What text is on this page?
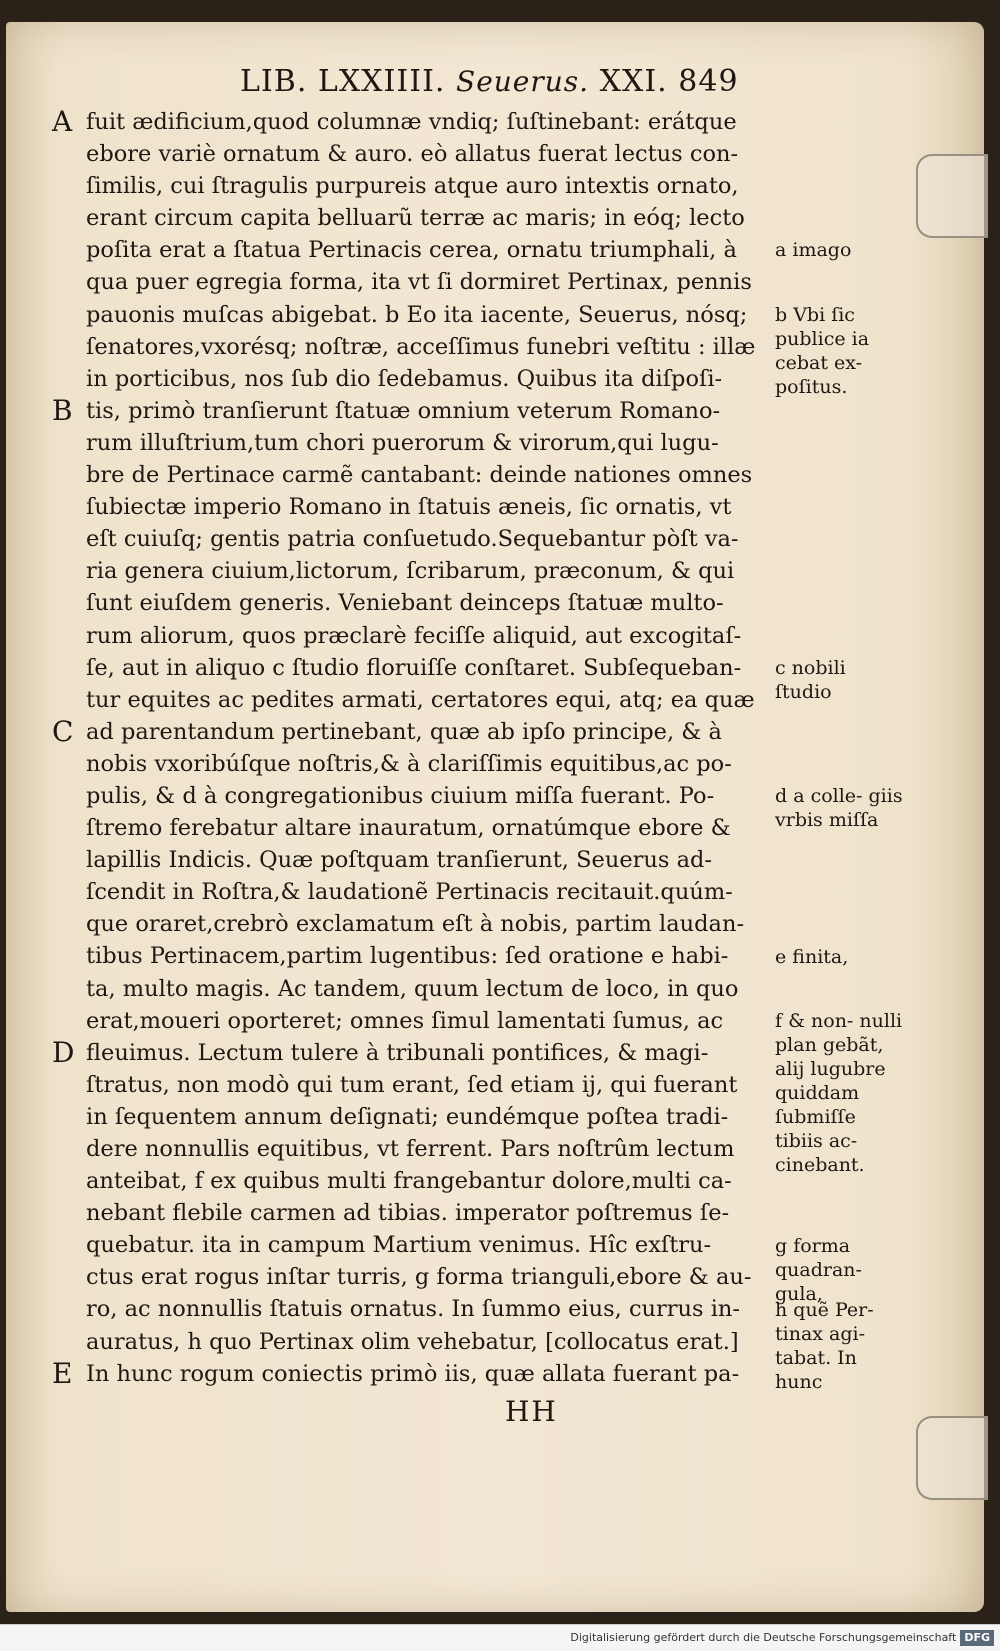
LIB. LXXIIII. Seuerus. XXI. 849
A fuit ædificium,quod columnæ vndiq; ſuſtinebant: erátque
ebore variè ornatum & auro. eò allatus fuerat lectus con-
ſimilis, cui ſtragulis purpureis atque auro intextis ornato,
erant circum capita belluarũ terræ ac maris; in eóq; lecto
poſita erat a ſtatua Pertinacis cerea, ornatu triumphali, à
qua puer egregia forma, ita vt ſi dormiret Pertinax, pennis
pauonis muſcas abigebat. b Eo ita iacente, Seuerus, nósq;
ſenatores,vxorésq; noſtræ, acceſſimus funebri veſtitu : illæ
in porticibus, nos ſub dio ſedebamus. Quibus ita diſpoſi-
B tis, primò tranſierunt ſtatuæ omnium veterum Romano-
rum illuſtrium,tum chori puerorum & virorum,qui lugu-
bre de Pertinace carmẽ cantabant: deinde nationes omnes
ſubiectæ imperio Romano in ſtatuis æneis, ſic ornatis, vt
eſt cuiuſq; gentis patria conſuetudo.Sequebantur pòſt va-
ria genera ciuium,lictorum, ſcribarum, præconum, & qui
ſunt eiuſdem generis. Veniebant deinceps ſtatuæ multo-
rum aliorum, quos præclarè feciſſe aliquid, aut excogitaſ-
ſe, aut in aliquo c ſtudio floruiſſe conſtaret. Subſequeban-
tur equites ac pedites armati, certatores equi, atq; ea quæ
C ad parentandum pertinebant, quæ ab ipſo principe, & à
nobis vxoribúſque noſtris,& à clariſſimis equitibus,ac po-
pulis, & d à congregationibus ciuium miſſa fuerant. Po-
ſtremo ferebatur altare inauratum, ornatúmque ebore &
lapillis Indicis. Quæ poſtquam tranſierunt, Seuerus ad-
ſcendit in Roſtra,& laudationẽ Pertinacis recitauit.quúm-
que oraret,crebrò exclamatum eſt à nobis, partim laudan-
tibus Pertinacem,partim lugentibus: ſed oratione e habi-
ta, multo magis. Ac tandem, quum lectum de loco, in quo
erat,moueri oporteret; omnes ſimul lamentati ſumus, ac
D fleuimus. Lectum tulere à tribunali pontifices, & magi-
ſtratus, non modò qui tum erant, ſed etiam ij, qui fuerant
in ſequentem annum deſignati; eundémque poſtea tradi-
dere nonnullis equitibus, vt ferrent. Pars noſtrûm lectum
anteibat, f ex quibus multi frangebantur dolore,multi ca-
nebant flebile carmen ad tibias. imperator poſtremus ſe-
quebatur. ita in campum Martium venimus. Hîc exſtru-
ctus erat rogus inſtar turris, g forma trianguli,ebore & au-
ro, ac nonnullis ſtatuis ornatus. In ſummo eius, currus in-
auratus, h quo Pertinax olim vehebatur, [collocatus erat.]
E In hunc rogum coniectis primò iis, quæ allata fuerant pa-
a imago
b Vbi ſic publice ia cebat ex- poſitus.
c nobili ſtudio
d a colle- giis vrbis miſſa
e finita,
f & non- nulli plan gebãt, alij lugubre quiddam ſubmiſſe tibiis ac- cinebant.
g forma quadran- gula,
h quẽ Per- tinax agi- tabat. In hunc
HH
Digitalisierung gefördert durch die Deutsche Forschungsgemeinschaft DFG
